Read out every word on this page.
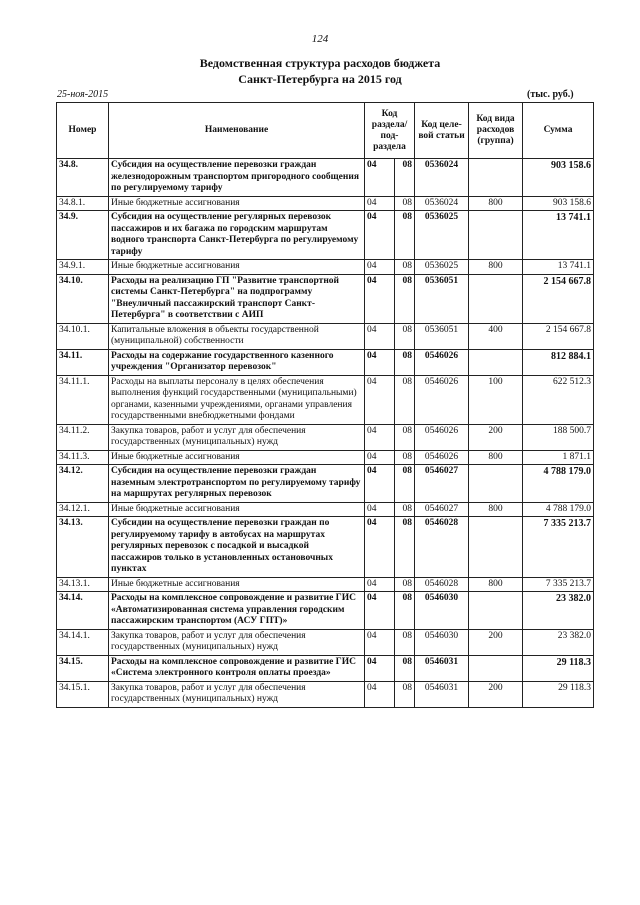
124
Ведомственная структура расходов бюджета
Санкт-Петербурга на 2015 год
25-ноя-2015	(тыс. руб.)
Номер	Наименование	Код раздела/ под-раздела		Код целе-вой статьи	Код вида расходов (группа)	Сумма
34.8.	Субсидия на осуществление перевозки граждан железнодорожным транспортом пригородного сообщения по регулируемому тарифу	04	08	0536024		903 158.6
34.8.1.	Иные бюджетные ассигнования	04	08	0536024	800	903 158.6
34.9.	Субсидия на осуществление регулярных перевозок пассажиров и их багажа по городским маршрутам водного транспорта Санкт-Петербурга по регулируемому тарифу	04	08	0536025		13 741.1
34.9.1.	Иные бюджетные ассигнования	04	08	0536025	800	13 741.1
34.10.	Расходы на реализацию ГП "Развитие транспортной системы Санкт-Петербурга" на подпрограмму "Внеуличный пассажирский транспорт Санкт-Петербурга" в соответствии с АИП	04	08	0536051		2 154 667.8
34.10.1.	Капитальные вложения в объекты государственной (муниципальной) собственности	04	08	0536051	400	2 154 667.8
34.11.	Расходы на содержание государственного казенного учреждения "Организатор перевозок"	04	08	0546026		812 884.1
34.11.1.	Расходы на выплаты персоналу в целях обеспечения выполнения функций государственными (муниципальными) органами, казенными учреждениями, органами управления государственными внебюджетными фондами	04	08	0546026	100	622 512.3
34.11.2.	Закупка товаров, работ и услуг для обеспечения государственных (муниципальных) нужд	04	08	0546026	200	188 500.7
34.11.3.	Иные бюджетные ассигнования	04	08	0546026	800	1 871.1
34.12.	Субсидия на осуществление перевозки граждан наземным электротранспортом по регулируемому тарифу на маршрутах регулярных перевозок	04	08	0546027		4 788 179.0
34.12.1.	Иные бюджетные ассигнования	04	08	0546027	800	4 788 179.0
34.13.	Субсидии на осуществление перевозки граждан по регулируемому тарифу в автобусах на маршрутах регулярных перевозок с посадкой и высадкой пассажиров только в установленных остановочных пунктах	04	08	0546028		7 335 213.7
34.13.1.	Иные бюджетные ассигнования	04	08	0546028	800	7 335 213.7
34.14.	Расходы на комплексное сопровождение и развитие ГИС «Автоматизированная система управления городским пассажирским транспортом (АСУ ГПТ)»	04	08	0546030		23 382.0
34.14.1.	Закупка товаров, работ и услуг для обеспечения государственных (муниципальных) нужд	04	08	0546030	200	23 382.0
34.15.	Расходы на комплексное сопровождение и развитие ГИС «Система электронного контроля оплаты проезда»	04	08	0546031		29 118.3
34.15.1.	Закупка товаров, работ и услуг для обеспечения государственных (муниципальных) нужд	04	08	0546031	200	29 118.3
